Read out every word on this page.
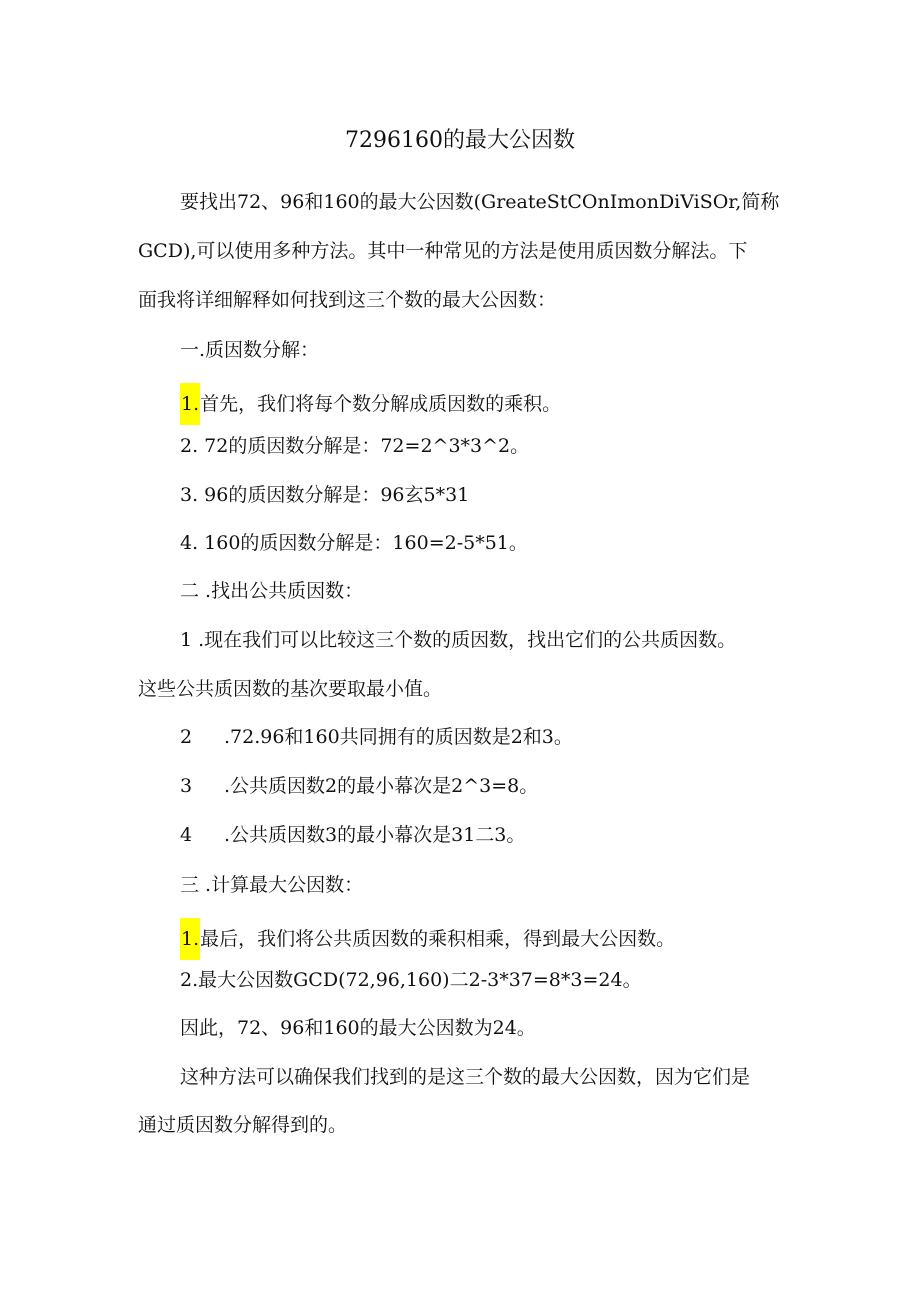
7296160的最大公因数
要找出72、96和160的最大公因数(GreateStCOnImonDiViSOr,简称
GCD),可以使用多种方法。其中一种常见的方法是使用质因数分解法。下
面我将详细解释如何找到这三个数的最大公因数：
一.质因数分解：
1.首先，我们将每个数分解成质因数的乘积。
2. 72的质因数分解是：72=2^3*3^2。
3. 96的质因数分解是：96玄5*31
4. 160的质因数分解是：160=2-5*51。
二 .找出公共质因数：
1 .现在我们可以比较这三个数的质因数，找出它们的公共质因数。
这些公共质因数的基次要取最小值。
2 .72.96和160共同拥有的质因数是2和3。
3 .公共质因数2的最小幕次是2^3=8。
4 .公共质因数3的最小幕次是31二3。
三 .计算最大公因数：
1.最后，我们将公共质因数的乘积相乘，得到最大公因数。
2.最大公因数GCD(72,96,160)二2-3*37=8*3=24。
因此，72、96和160的最大公因数为24。
这种方法可以确保我们找到的是这三个数的最大公因数，因为它们是
通过质因数分解得到的。
